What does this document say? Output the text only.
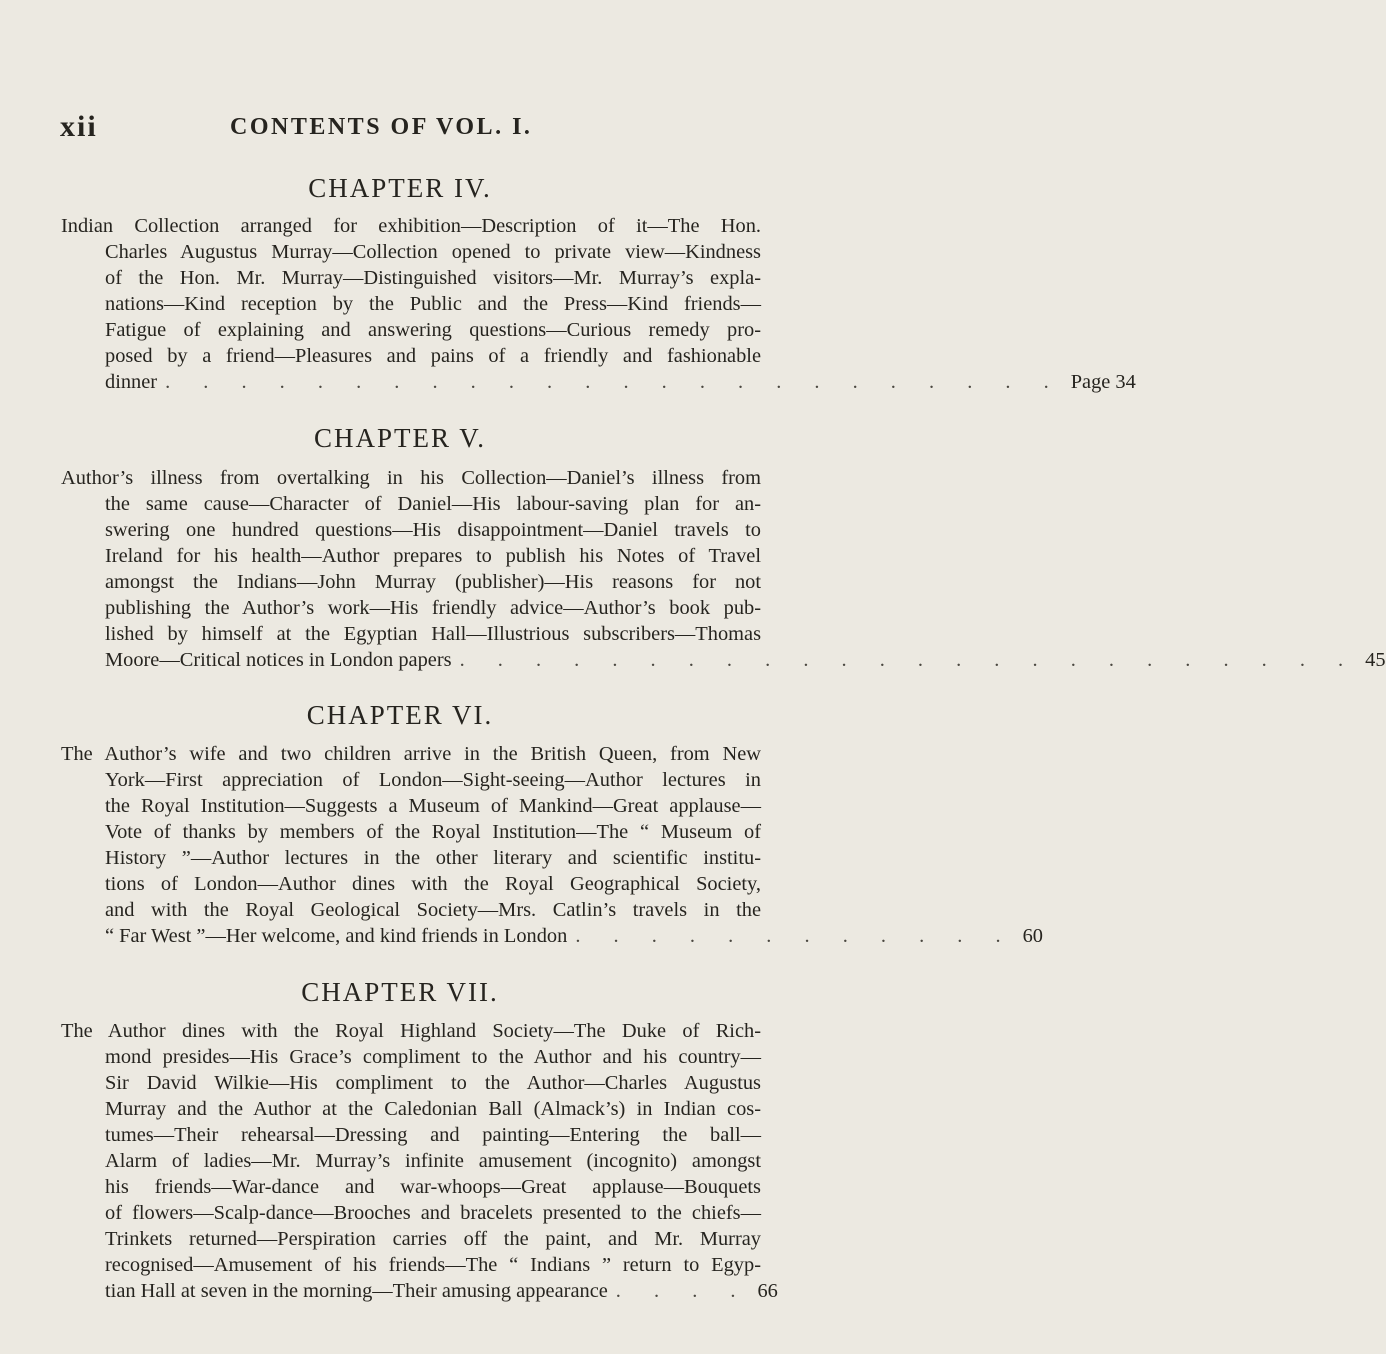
xii	CONTENTS OF VOL. I.
CHAPTER IV.
Indian Collection arranged for exhibition—Description of it—The Hon.
Charles Augustus Murray—Collection opened to private view—Kindness
of the Hon. Mr. Murray—Distinguished visitors—Mr. Murray’s expla-
nations—Kind reception by the Public and the Press—Kind friends—
Fatigue of explaining and answering questions—Curious remedy pro-
posed by a friend—Pleasures and pains of a friendly and fashionable
dinner . . . . . . . . . . . . . . . . . . . . . . . . Page 34
CHAPTER V.
Author’s illness from overtalking in his Collection—Daniel’s illness from
the same cause—Character of Daniel—His labour-saving plan for an-
swering one hundred questions—His disappointment—Daniel travels to
Ireland for his health—Author prepares to publish his Notes of Travel
amongst the Indians—John Murray (publisher)—His reasons for not
publishing the Author’s work—His friendly advice—Author’s book pub-
lished by himself at the Egyptian Hall—Illustrious subscribers—Thomas
Moore—Critical notices in London papers . . . . . . . . . . . . . . . . . . . . . . . . 45
CHAPTER VI.
The Author’s wife and two children arrive in the British Queen, from New
York—First appreciation of London—Sight-seeing—Author lectures in
the Royal Institution—Suggests a Museum of Mankind—Great applause—
Vote of thanks by members of the Royal Institution—The “ Museum of
History ”—Author lectures in the other literary and scientific institu-
tions of London—Author dines with the Royal Geographical Society,
and with the Royal Geological Society—Mrs. Catlin’s travels in the
“ Far West ”—Her welcome, and kind friends in London . . . . . . . . . . . . 60
CHAPTER VII.
The Author dines with the Royal Highland Society—The Duke of Rich-
mond presides—His Grace’s compliment to the Author and his country—
Sir David Wilkie—His compliment to the Author—Charles Augustus
Murray and the Author at the Caledonian Ball (Almack’s) in Indian cos-
tumes—Their rehearsal—Dressing and painting—Entering the ball—
Alarm of ladies—Mr. Murray’s infinite amusement (incognito) amongst
his friends—War-dance and war-whoops—Great applause—Bouquets
of flowers—Scalp-dance—Brooches and bracelets presented to the chiefs—
Trinkets returned—Perspiration carries off the paint, and Mr. Murray
recognised—Amusement of his friends—The “ Indians ” return to Egyp-
tian Hall at seven in the morning—Their amusing appearance . . . . 66
